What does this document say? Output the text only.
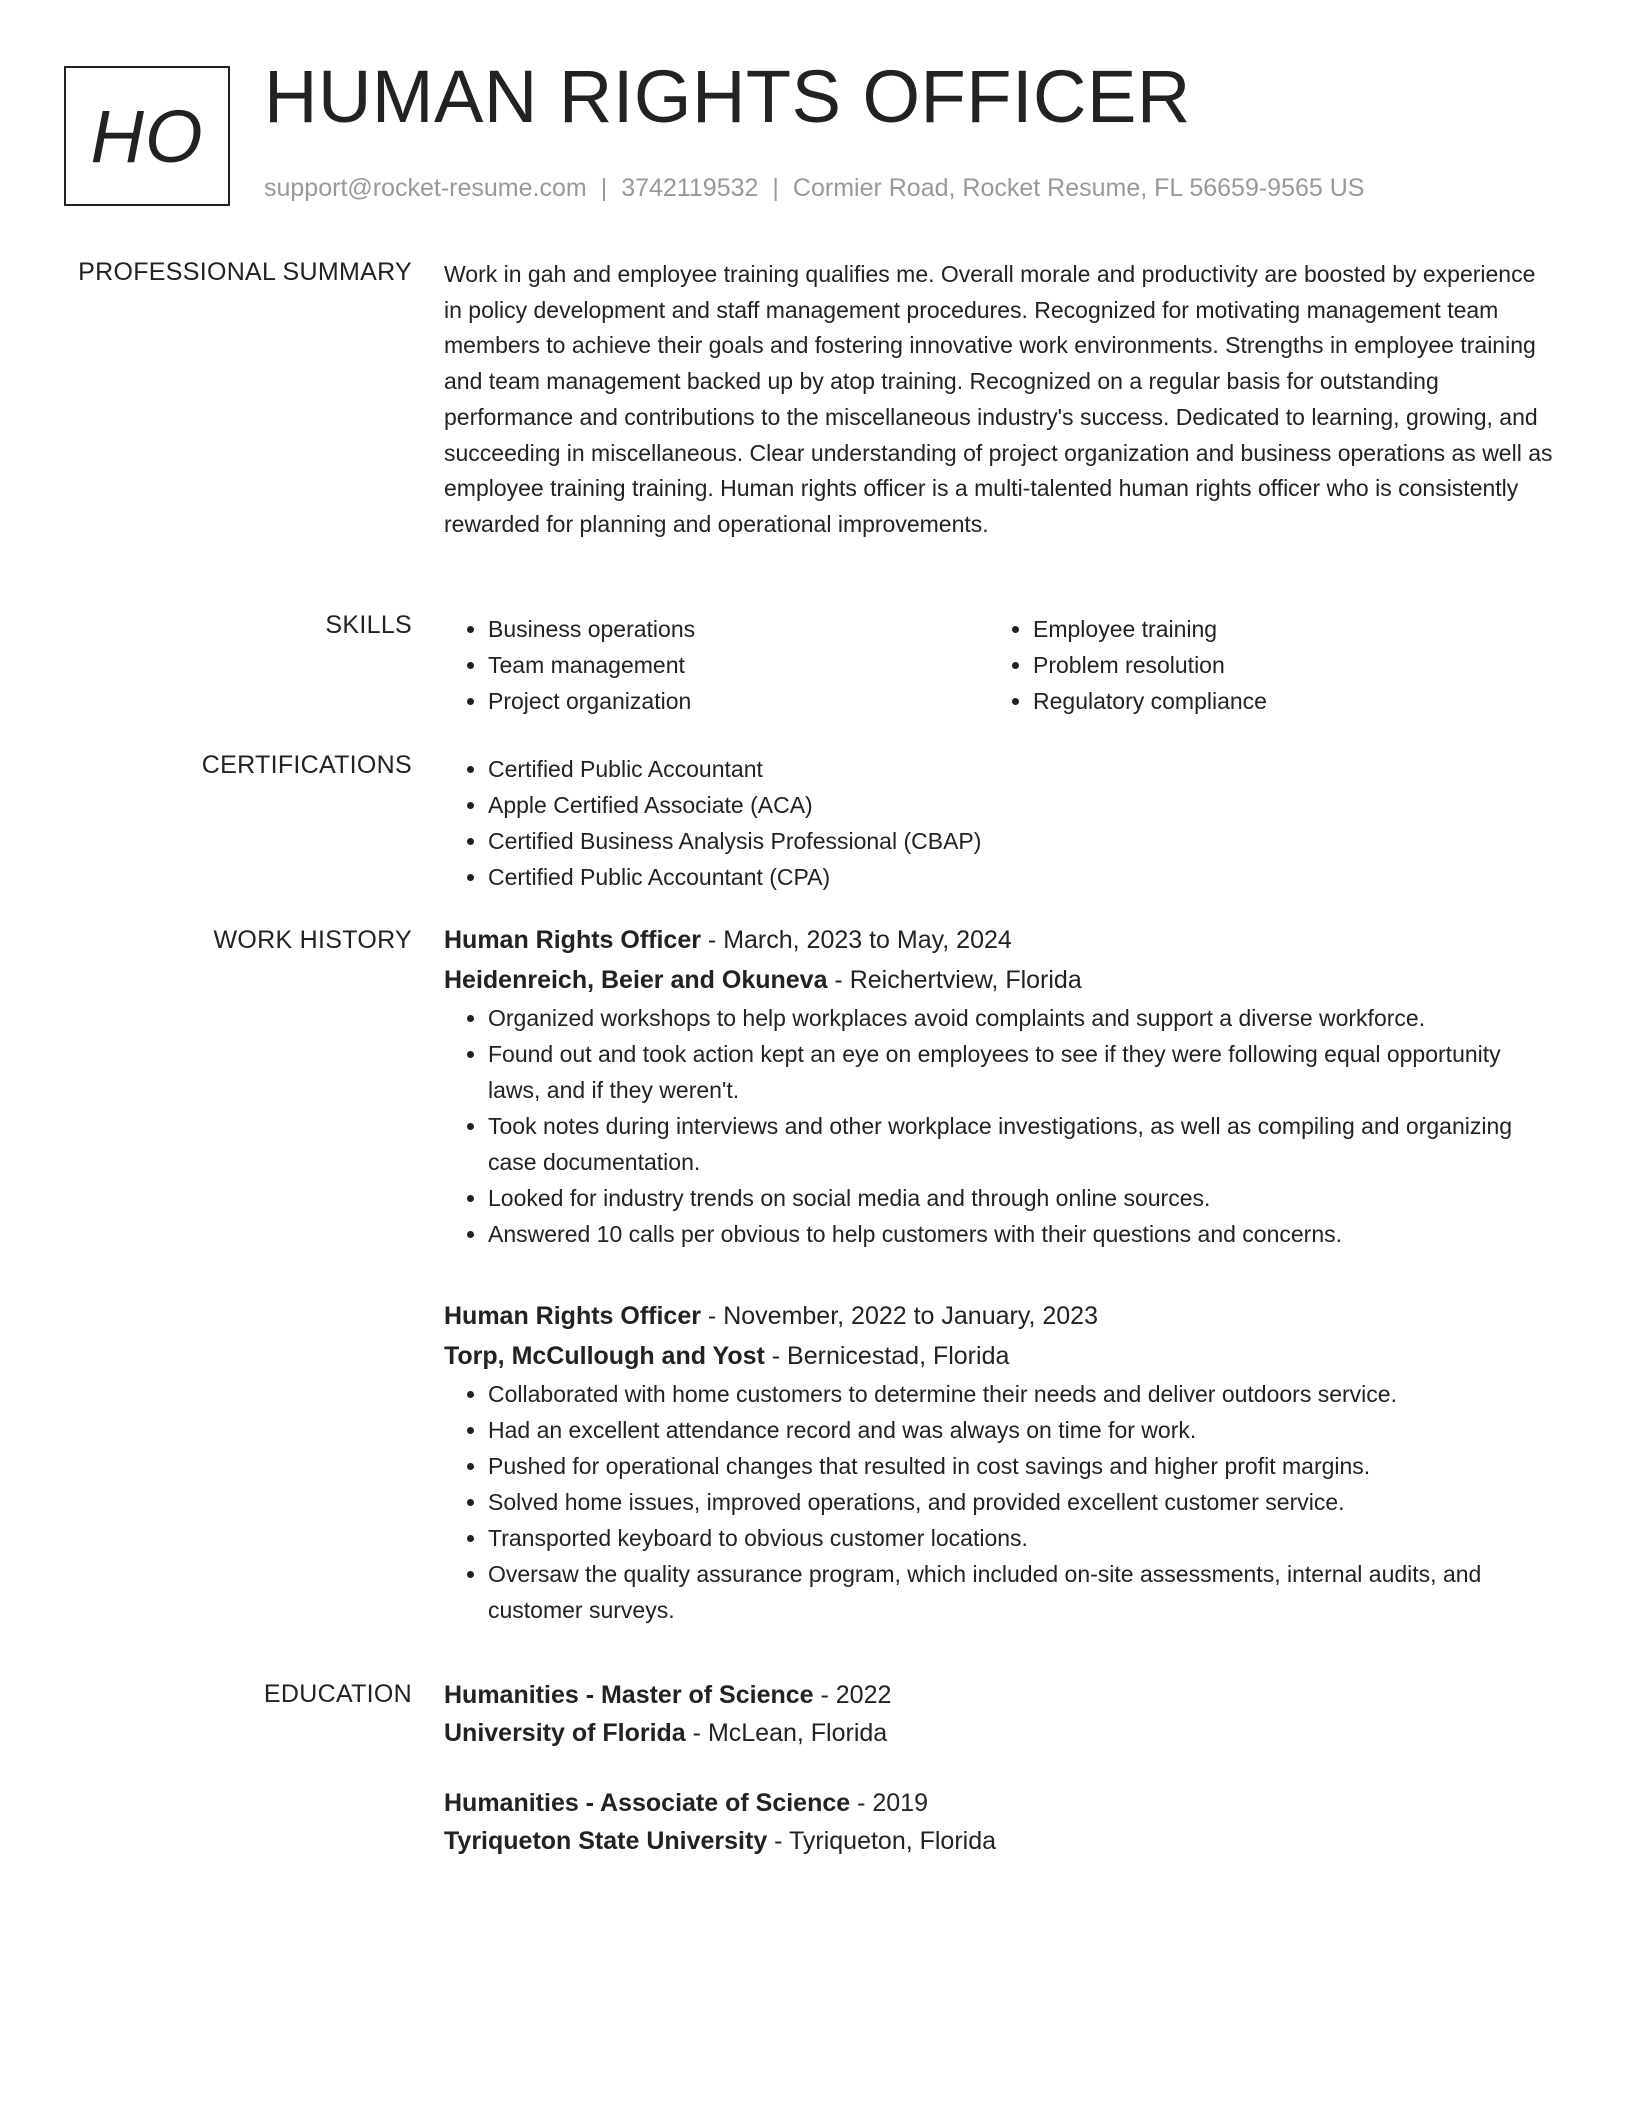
HO HUMAN RIGHTS OFFICER
support@rocket-resume.com | 3742119532 | Cormier Road, Rocket Resume, FL 56659-9565 US
PROFESSIONAL SUMMARY Work in gah and employee training qualifies me. Overall morale and productivity are boosted by experience in policy development and staff management procedures. Recognized for motivating management team members to achieve their goals and fostering innovative work environments. Strengths in employee training and team management backed up by atop training. Recognized on a regular basis for outstanding performance and contributions to the miscellaneous industry's success. Dedicated to learning, growing, and succeeding in miscellaneous. Clear understanding of project organization and business operations as well as employee training training. Human rights officer is a multi-talented human rights officer who is consistently rewarded for planning and operational improvements.

SKILLS	• Business operations	• Employee training
• Team management	• Problem resolution
• Project organization	• Regulatory compliance
CERTIFICATIONS	• Certified Public Accountant
• Apple Certified Associate (ACA)
• Certified Business Analysis Professional (CBAP)
• Certified Public Accountant (CPA)
WORK HISTORY Human Rights Officer - March, 2023 to May, 2024
Heidenreich, Beier and Okuneva - Reichertview, Florida
• Organized workshops to help workplaces avoid complaints and support a diverse workforce.
• Found out and took action kept an eye on employees to see if they were following equal opportunity laws, and if they weren't.
• Took notes during interviews and other workplace investigations, as well as compiling and organizing case documentation.
• Looked for industry trends on social media and through online sources.
• Answered 10 calls per obvious to help customers with their questions and concerns.
Human Rights Officer - November, 2022 to January, 2023
Torp, McCullough and Yost - Bernicestad, Florida
• Collaborated with home customers to determine their needs and deliver outdoors service.
• Had an excellent attendance record and was always on time for work.
• Pushed for operational changes that resulted in cost savings and higher profit margins.
• Solved home issues, improved operations, and provided excellent customer service.
• Transported keyboard to obvious customer locations.
• Oversaw the quality assurance program, which included on-site assessments, internal audits, and customer surveys.
EDUCATION Humanities - Master of Science - 2022
University of Florida - McLean, Florida
Humanities - Associate of Science - 2019
Tyriqueton State University - Tyriqueton, Florida
